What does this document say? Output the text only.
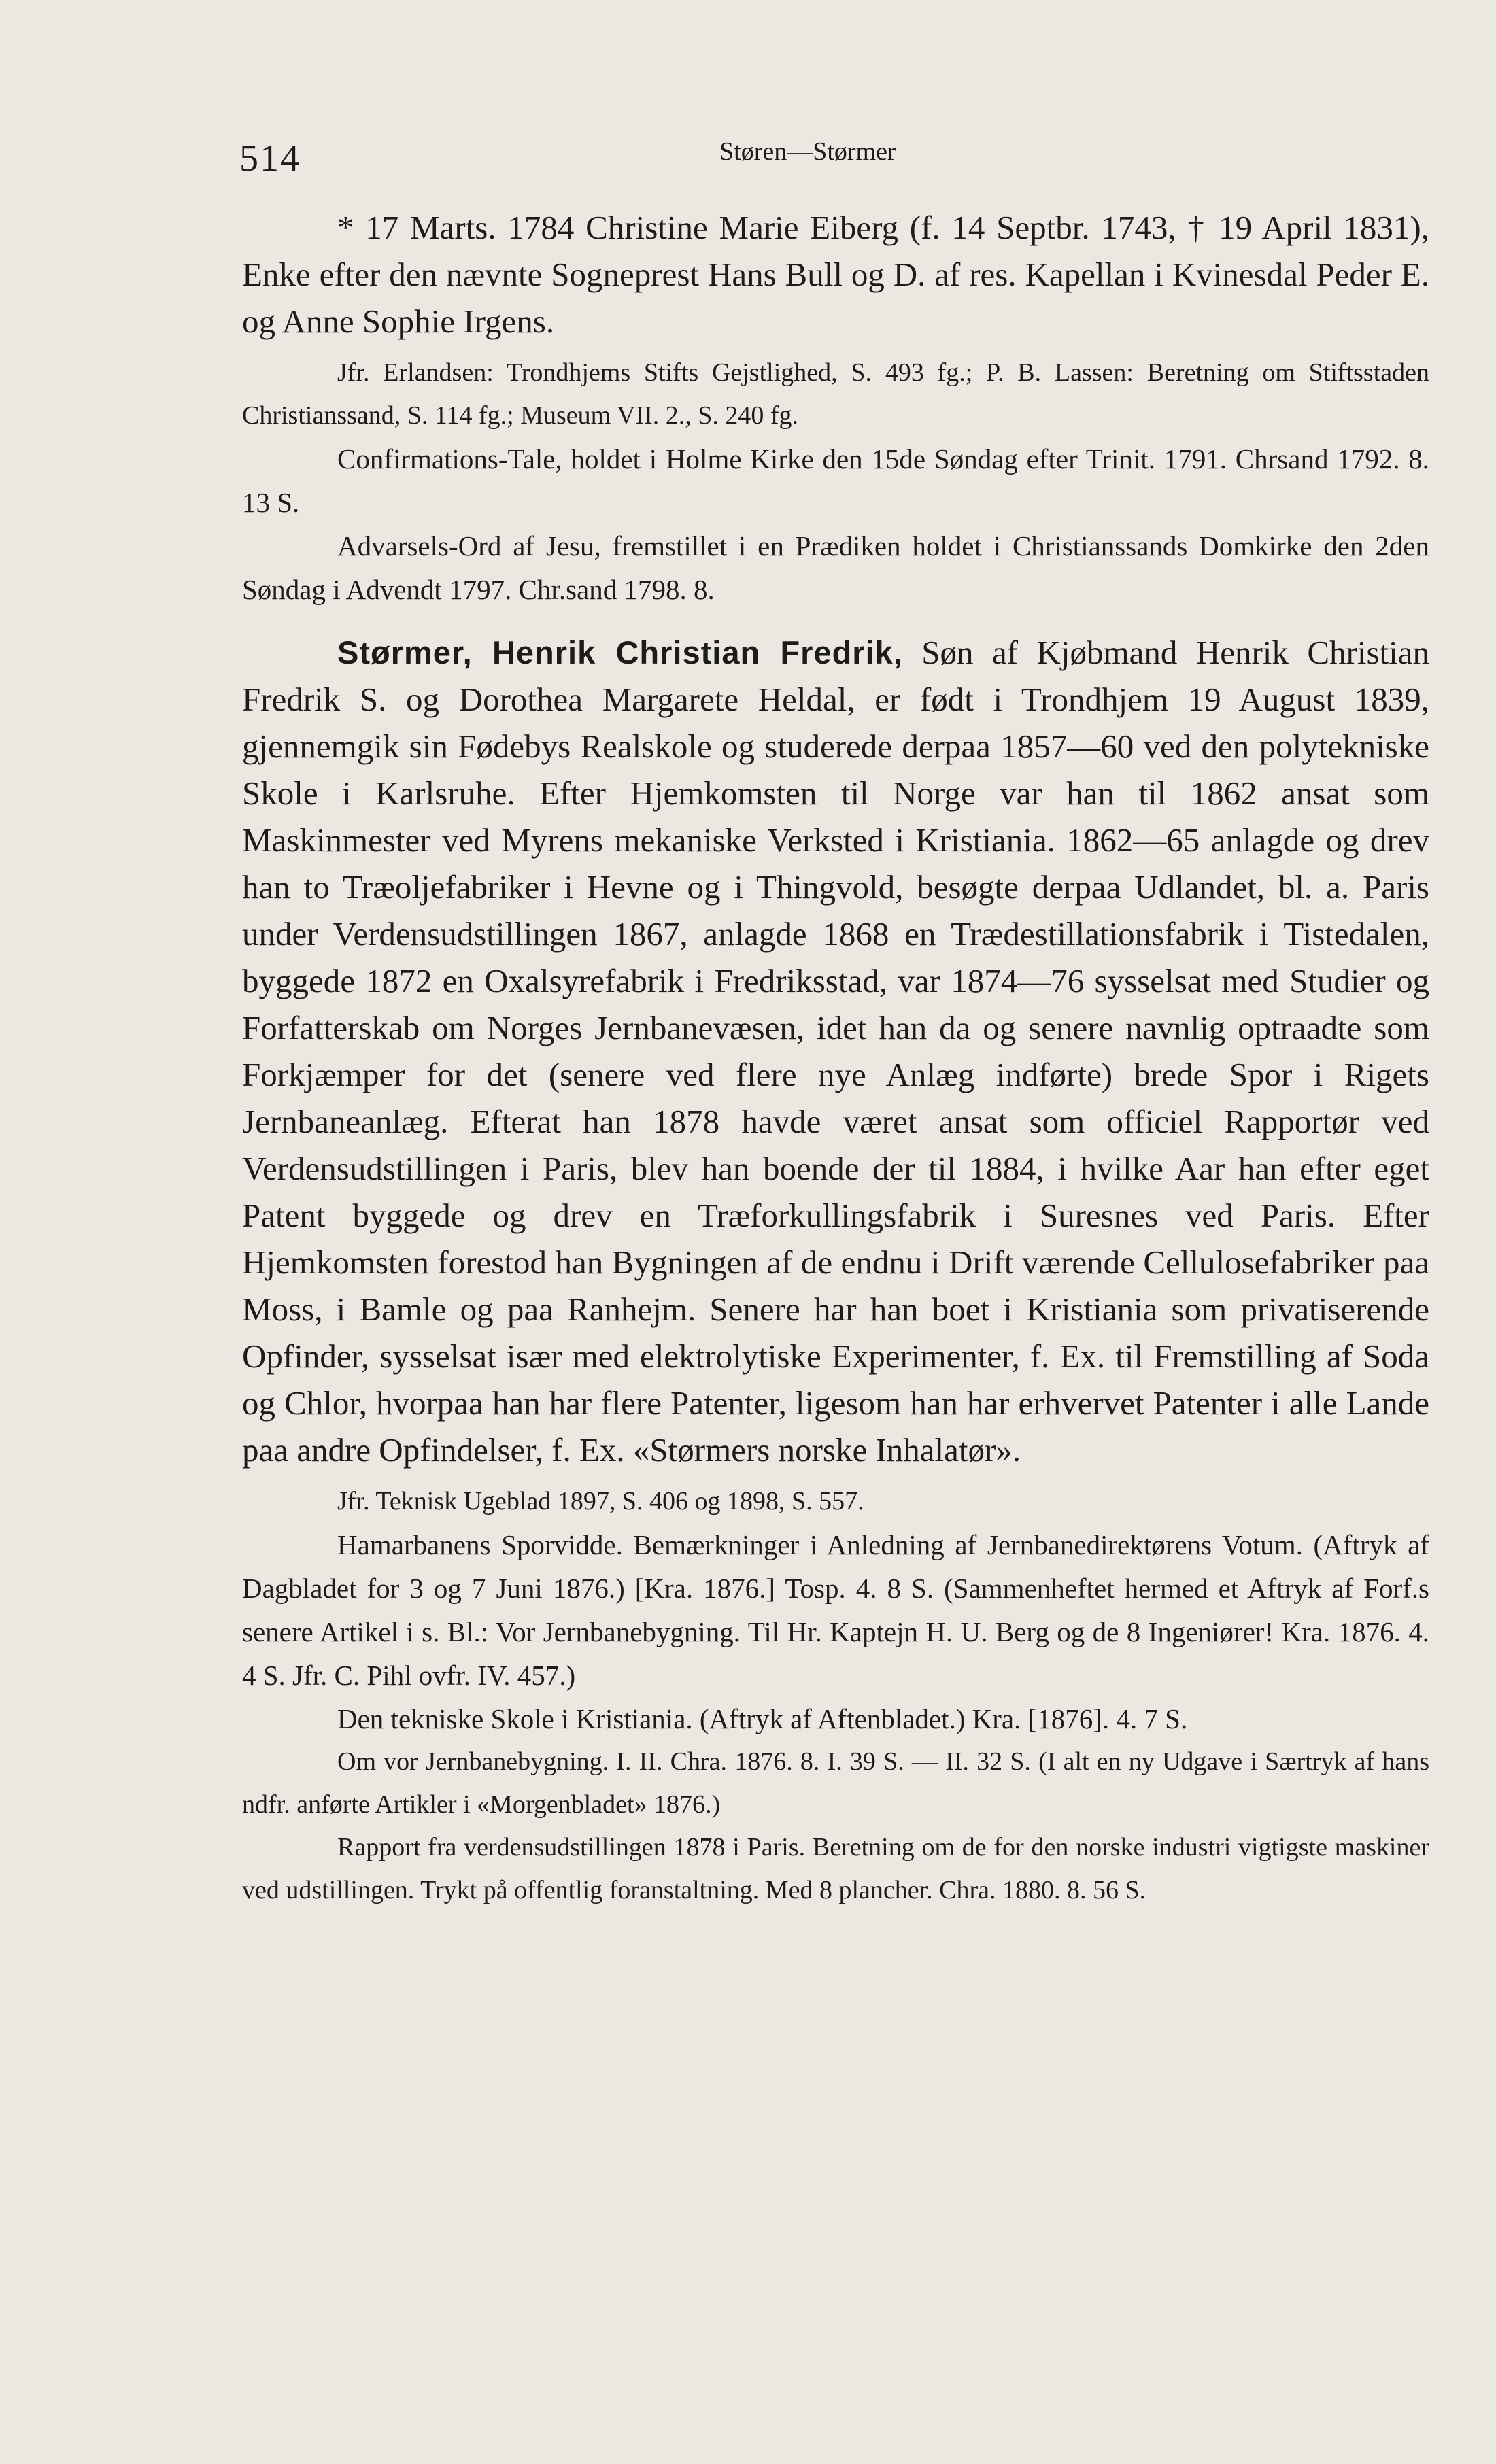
514	Støren—Størmer

* 17 Marts. 1784 Christine Marie Eiberg (f. 14 Septbr. 1743, † 19 April 1831), Enke efter den nævnte Sogneprest Hans Bull og D. af res. Kapellan i Kvinesdal Peder E. og Anne Sophie Irgens.

Jfr. Erlandsen: Trondhjems Stifts Gejstlighed, S. 493 fg.; P. B. Lassen: Beretning om Stiftsstaden Christianssand, S. 114 fg.; Museum VII. 2., S. 240 fg.

Confirmations-Tale, holdet i Holme Kirke den 15de Søndag efter Trinit. 1791. Chrsand 1792. 8. 13 S.

Advarsels-Ord af Jesu, fremstillet i en Prædiken holdet i Christianssands Domkirke den 2den Søndag i Advendt 1797. Chr.sand 1798. 8.

Størmer, Henrik Christian Fredrik, Søn af Kjøbmand Henrik Christian Fredrik S. og Dorothea Margarete Heldal, er født i Trondhjem 19 August 1839, gjennemgik sin Fødebys Realskole og studerede derpaa 1857—60 ved den polytekniske Skole i Karlsruhe. Efter Hjemkomsten til Norge var han til 1862 ansat som Maskinmester ved Myrens mekaniske Verksted i Kristiania. 1862—65 anlagde og drev han to Træoljefabriker i Hevne og i Thingvold, besøgte derpaa Udlandet, bl. a. Paris under Verdensudstillingen 1867, anlagde 1868 en Trædestillationsfabrik i Tistedalen, byggede 1872 en Oxalsyrefabrik i Fredriksstad, var 1874—76 sysselsat med Studier og Forfatterskab om Norges Jernbanevæsen, idet han da og senere navnlig optraadte som Forkjæmper for det (senere ved flere nye Anlæg indførte) brede Spor i Rigets Jernbaneanlæg. Efterat han 1878 havde været ansat som officiel Rapportør ved Verdensudstillingen i Paris, blev han boende der til 1884, i hvilke Aar han efter eget Patent byggede og drev en Træforkullingsfabrik i Suresnes ved Paris. Efter Hjemkomsten forestod han Bygningen af de endnu i Drift værende Cellulosefabriker paa Moss, i Bamle og paa Ranhejm. Senere har han boet i Kristiania som privatiserende Opfinder, sysselsat især med elektrolytiske Experimenter, f. Ex. til Fremstilling af Soda og Chlor, hvorpaa han har flere Patenter, ligesom han har erhvervet Patenter i alle Lande paa andre Opfindelser, f. Ex. «Størmers norske Inhalatør».

Jfr. Teknisk Ugeblad 1897, S. 406 og 1898, S. 557.

Hamarbanens Sporvidde. Bemærkninger i Anledning af Jernbanedirektørens Votum. (Aftryk af Dagbladet for 3 og 7 Juni 1876.) [Kra. 1876.] Tosp. 4. 8 S. (Sammenheftet hermed et Aftryk af Forf.s senere Artikel i s. Bl.: Vor Jernbanebygning. Til Hr. Kaptejn H. U. Berg og de 8 Ingeniører! Kra. 1876. 4. 4 S. Jfr. C. Pihl ovfr. IV. 457.)

Den tekniske Skole i Kristiania. (Aftryk af Aftenbladet.) Kra. [1876]. 4. 7 S.

Om vor Jernbanebygning. I. II. Chra. 1876. 8. I. 39 S. — II. 32 S. (I alt en ny Udgave i Særtryk af hans ndfr. anførte Artikler i «Morgenbladet» 1876.)

Rapport fra verdensudstillingen 1878 i Paris. Beretning om de for den norske industri vigtigste maskiner ved udstillingen. Trykt på offentlig foranstaltning. Med 8 plancher. Chra. 1880. 8. 56 S.
